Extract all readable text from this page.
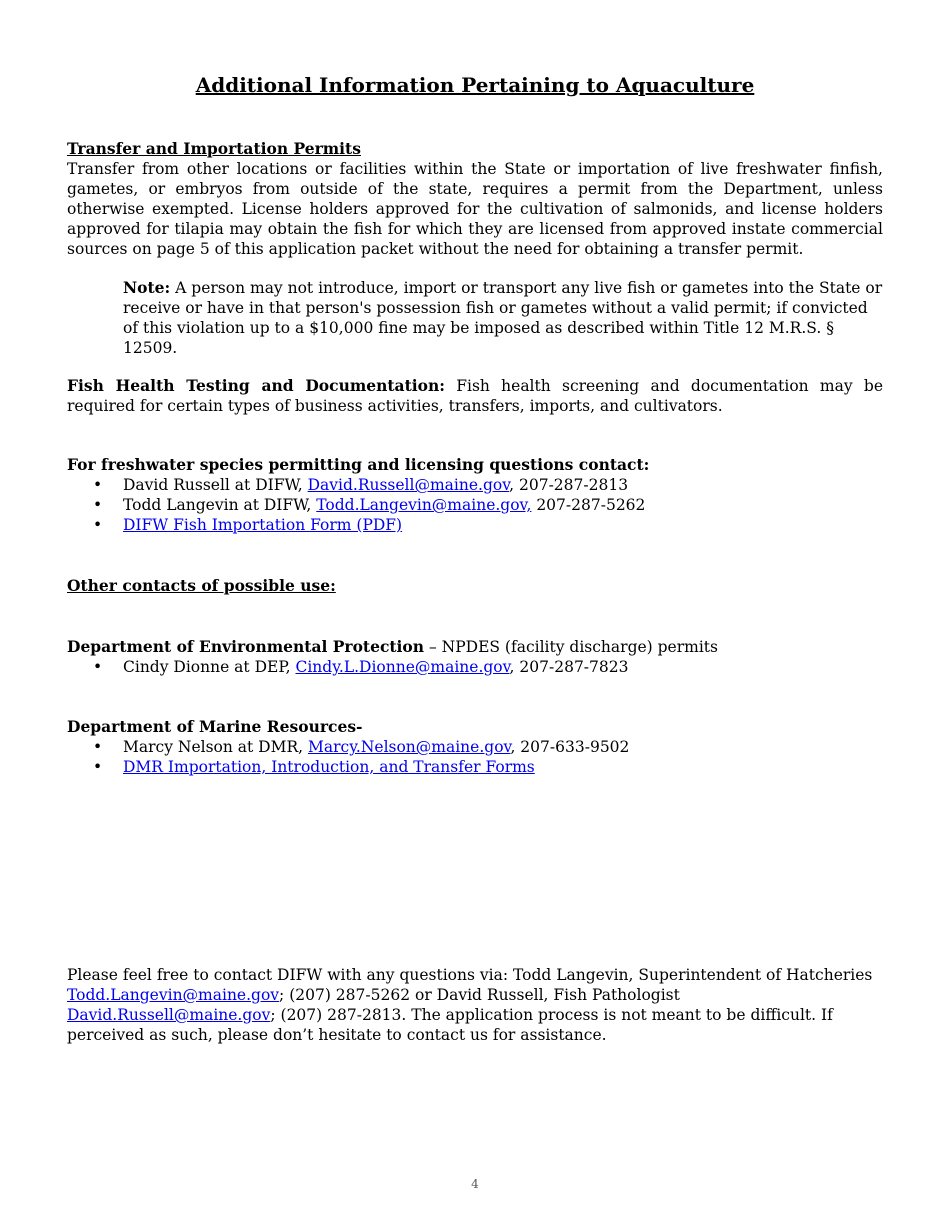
Additional Information Pertaining to Aquaculture
Transfer and Importation Permits
Transfer from other locations or facilities within the State or importation of live freshwater finfish, gametes, or embryos from outside of the state, requires a permit from the Department, unless otherwise exempted. License holders approved for the cultivation of salmonids, and license holders approved for tilapia may obtain the fish for which they are licensed from approved instate commercial sources on page 5 of this application packet without the need for obtaining a transfer permit.
Note: A person may not introduce, import or transport any live fish or gametes into the State or receive or have in that person's possession fish or gametes without a valid permit; if convicted of this violation up to a $10,000 fine may be imposed as described within Title 12 M.R.S. § 12509.
Fish Health Testing and Documentation: Fish health screening and documentation may be required for certain types of business activities, transfers, imports, and cultivators.
For freshwater species permitting and licensing questions contact:
• David Russell at DIFW, David.Russell@maine.gov, 207-287-2813
• Todd Langevin at DIFW, Todd.Langevin@maine.gov, 207-287-5262
• DIFW Fish Importation Form (PDF)
Other contacts of possible use:
Department of Environmental Protection – NPDES (facility discharge) permits
• Cindy Dionne at DEP, Cindy.L.Dionne@maine.gov, 207-287-7823
Department of Marine Resources-
• Marcy Nelson at DMR, Marcy.Nelson@maine.gov, 207-633-9502
• DMR Importation, Introduction, and Transfer Forms
Please feel free to contact DIFW with any questions via: Todd Langevin, Superintendent of Hatcheries Todd.Langevin@maine.gov; (207) 287-5262 or David Russell, Fish Pathologist David.Russell@maine.gov; (207) 287-2813. The application process is not meant to be difficult. If perceived as such, please don’t hesitate to contact us for assistance.
4
